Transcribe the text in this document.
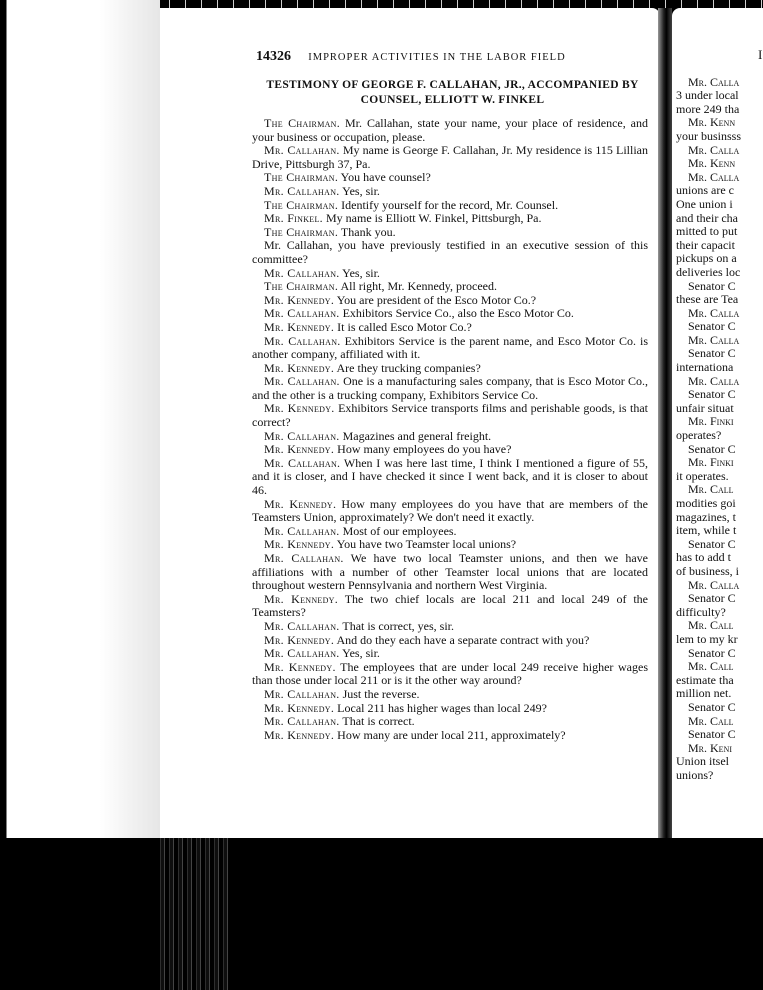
14326 IMPROPER ACTIVITIES IN THE LABOR FIELD
TESTIMONY OF GEORGE F. CALLAHAN, JR., ACCOMPANIED BY COUNSEL, ELLIOTT W. FINKEL

The Chairman. Mr. Callahan, state your name, your place of residence, and your business or occupation, please.

Mr. Callahan. My name is George F. Callahan, Jr. My residence is 115 Lillian Drive, Pittsburgh 37, Pa.

The Chairman. You have counsel?

Mr. Callahan. Yes, sir.

The Chairman. Identify yourself for the record, Mr. Counsel.

Mr. Finkel. My name is Elliott W. Finkel, Pittsburgh, Pa.

The Chairman. Thank you.

Mr. Callahan, you have previously testified in an executive session of this committee?

Mr. Callahan. Yes, sir.

The Chairman. All right, Mr. Kennedy, proceed.

Mr. Kennedy. You are president of the Esco Motor Co.?

Mr. Callahan. Exhibitors Service Co., also the Esco Motor Co.

Mr. Kennedy. It is called Esco Motor Co.?

Mr. Callahan. Exhibitors Service is the parent name, and Esco Motor Co. is another company, affiliated with it.

Mr. Kennedy. Are they trucking companies?

Mr. Callahan. One is a manufacturing sales company, that is Esco Motor Co., and the other is a trucking company, Exhibitors Service Co.

Mr. Kennedy. Exhibitors Service transports films and perishable goods, is that correct?

Mr. Callahan. Magazines and general freight.

Mr. Kennedy. How many employees do you have?

Mr. Callahan. When I was here last time, I think I mentioned a figure of 55, and it is closer, and I have checked it since I went back, and it is closer to about 46.

Mr. Kennedy. How many employees do you have that are members of the Teamsters Union, approximately? We don't need it exactly.

Mr. Callahan. Most of our employees.

Mr. Kennedy. You have two Teamster local unions?

Mr. Callahan. We have two local Teamster unions, and then we have affiliations with a number of other Teamster local unions that are located throughout western Pennsylvania and northern West Virginia.

Mr. Kennedy. The two chief locals are local 211 and local 249 of the Teamsters?

Mr. Callahan. That is correct, yes, sir.

Mr. Kennedy. And do they each have a separate contract with you?

Mr. Callahan. Yes, sir.

Mr. Kennedy. The employees that are under local 249 receive higher wages than those under local 211 or is it the other way around?

Mr. Callahan. Just the reverse.

Mr. Kennedy. Local 211 has higher wages than local 249?

Mr. Callahan. That is correct.

Mr. Kennedy. How many are under local 211, approximately?

I
Mr. Calla
3 under local
more 249 tha
Mr. Kenn
your businsss
Mr. Calla
Mr. Kenn
Mr. Calla
unions are c
One union i
and their cha
mitted to put
their capacit
pickups on a
deliveries loc
Senator C
these are Tea
Mr. Calla
Senator C
Mr. Calla
Senator C
internationa
Mr. Calla
Senator C
unfair situat
Mr. Finki
operates?
Senator C
Mr. Finki
it operates.
Mr. Call
modities goi
magazines, t
item, while t
Senator C
has to add t
of business, i
Mr. Calla
Senator C
difficulty?
Mr. Call
lem to my kr
Senator C
Mr. Call
estimate tha
million net.
Senator C
Mr. Call
Senator C
Mr. Keni
Union itsel
unions?
